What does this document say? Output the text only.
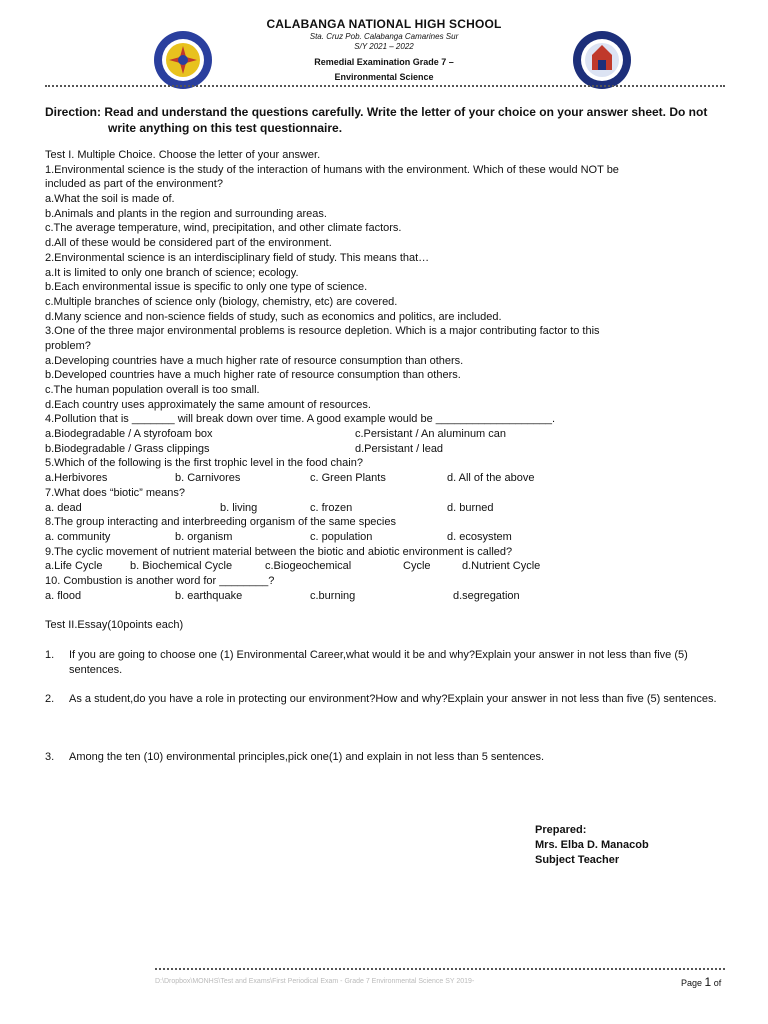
CALABANGA NATIONAL HIGH SCHOOL
Sta. Cruz Pob. Calabanga Camarines Sur
S/Y 2021 – 2022
Remedial Examination Grade 7 –
Environmental Science
Direction: Read and understand the questions carefully. Write the letter of your choice on your answer sheet. Do not
write anything on this test questionnaire.
Test I. Multiple Choice. Choose the letter of your answer.
1.Environmental science is the study of the interaction of humans with the environment. Which of these would NOT be
included as part of the environment?
a.What the soil is made of.
b.Animals and plants in the region and surrounding areas.
c.The average temperature, wind, precipitation, and other climate factors.
d.All of these would be considered part of the environment.
2.Environmental science is an interdisciplinary field of study. This means that…
a.It is limited to only one branch of science; ecology.
b.Each environmental issue is specific to only one type of science.
c.Multiple branches of science only (biology, chemistry, etc) are covered.
d.Many science and non-science fields of study, such as economics and politics, are included.
3.One of the three major environmental problems is resource depletion. Which is a major contributing factor to this
problem?
a.Developing countries have a much higher rate of resource consumption than others.
b.Developed countries have a much higher rate of resource consumption than others.
c.The human population overall is too small.
d.Each country uses approximately the same amount of resources.
4.Pollution that is _______ will break down over time. A good example would be ___________________.
a.Biodegradable / A styrofoam box	c.Persistant / An aluminum can
b.Biodegradable / Grass clippings	d.Persistant / lead
5.Which of the following is the first trophic level in the food chain?
a.Herbivores	b. Carnivores	c. Green Plants	d. All of the above
7.What does “biotic” means?
a. dead	b. living	c. frozen	d. burned
8.The group interacting and interbreeding organism of the same species
a. community	b. organism	c. population	d. ecosystem
9.The cyclic movement of nutrient material between the biotic and abiotic environment is called?
a.Life Cycle	b. Biochemical Cycle	c.Biogeochemical	Cycle	d.Nutrient Cycle
10. Combustion is another word for ________?
a. flood	b. earthquake	c.burning	d.segregation
Test II.Essay(10points each)
1. If you are going to choose one (1) Environmental Career,what would it be and why?Explain your answer in not less than five (5) sentences.
2. As a student,do you have a role in protecting our environment?How and why?Explain your answer in not less than five (5) sentences.
3. Among the ten (10) environmental principles,pick one(1) and explain in not less than 5 sentences.
Prepared:
Mrs. Elba D. Manacob
Subject Teacher
D:\Dropbox\MONHS\Test and Exams\First Periodical Exam - Grade 7 Environmental Science SY 2019-	Page 1 of
